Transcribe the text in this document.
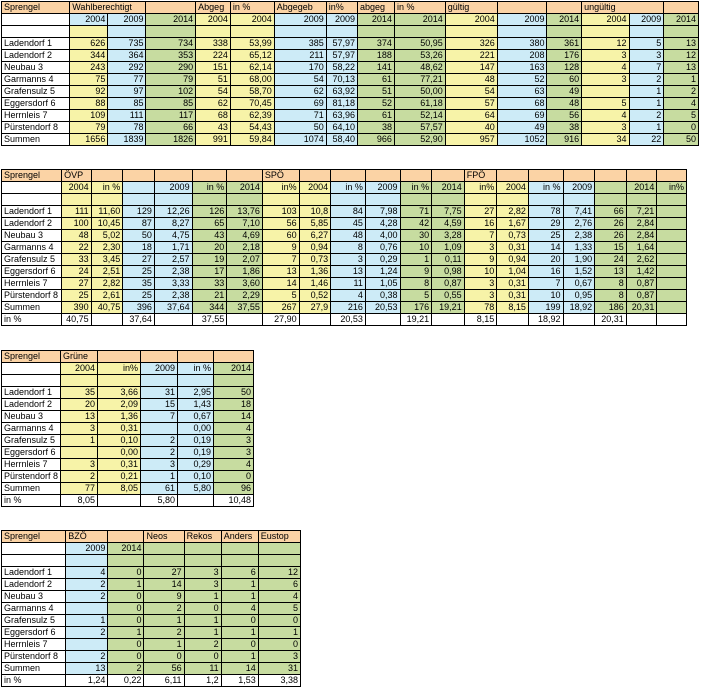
Sprengel	Wahlberechtigt			Abgeg	in %	Abgegeb	in%	abgeg	in %	gültig			ungültig		
	2004	2009	2014	2004	2004	2009	2009	2014	2014	2004	2009	2014	2004	2009	2014

Ladendorf 1	626	735	734	338	53,99	385	57,97	374	50,95	326	380	361	12	5	13
Ladendorf 2	344	364	353	224	65,12	211	57,97	188	53,26	221	208	176	3	3	12
Neubau 3	243	292	290	151	62,14	170	58,22	141	48,62	147	163	128	4	7	13
Garmanns 4	75	77	79	51	68,00	54	70,13	61	77,21	48	52	60	3	2	1
Grafensulz 5	92	97	102	54	58,70	62	63,92	51	50,00	54	63	49		1	2
Eggersdorf 6	88	85	85	62	70,45	69	81,18	52	61,18	57	68	48	5	1	4
Herrnleis 7	109	111	117	68	62,39	71	63,96	61	52,14	64	69	56	4	2	5
Pürstendorf 8	79	78	66	43	54,43	50	64,10	38	57,57	40	49	38	3	1	0
Summen	1656	1839	1826	991	59,84	1074	58,40	966	52,90	957	1052	916	34	22	50
Sprengel	ÖVP						SPÖ						FPÖ						
	2004	in %		2009	in %	2014	in%	2004	in %	2009	in %	2014	in%	2004	in %	2009		2014	in%

Ladendorf 1	111	11,60	129	12,26	126	13,76	103	10,8	84	7,98	71	7,75	27	2,82	78	7,41	66	7,21	
Ladendorf 2	100	10,45	87	8,27	65	7,10	56	5,85	45	4,28	42	4,59	16	1,67	29	2,76	26	2,84	
Neubau 3	48	5,02	50	4,75	43	4,69	60	6,27	48	4,00	30	3,28	7	0,73	25	2,38	26	2,84	
Garmanns 4	22	2,30	18	1,71	20	2,18	9	0,94	8	0,76	10	1,09	3	0,31	14	1,33	15	1,64	
Grafensulz 5	33	3,45	27	2,57	19	2,07	7	0,73	3	0,29	1	0,11	9	0,94	20	1,90	24	2,62	
Eggersdorf 6	24	2,51	25	2,38	17	1,86	13	1,36	13	1,24	9	0,98	10	1,04	16	1,52	13	1,42	
Herrnleis 7	27	2,82	35	3,33	33	3,60	14	1,46	11	1,05	8	0,87	3	0,31	7	0,67	8	0,87	
Pürstendorf 8	25	2,61	25	2,38	21	2,29	5	0,52	4	0,38	5	0,55	3	0,31	10	0,95	8	0,87	
Summen	390	40,75	396	37,64	344	37,55	267	27,9	216	20,53	176	19,21	78	8,15	199	18,92	186	20,31	
in %	40,75		37,64		37,55		27,90		20,53		19,21		8,15		18,92		20,31		
Sprengel	Grüne				
	2004	in%	2009	in %	2014

Ladendorf 1	35	3,66	31	2,95	50
Ladendorf 2	20	2,09	15	1,43	18
Neubau 3	13	1,36	7	0,67	14
Garmanns 4	3	0,31		0,00	4
Grafensulz 5	1	0,10	2	0,19	3
Eggersdorf 6		0,00	2	0,19	3
Herrnleis 7	3	0,31	3	0,29	4
Pürstendorf 8	2	0,21	1	0,10	0
Summen	77	8,05	61	5,80	96
in %	8,05		5,80		10,48
Sprengel	BZÖ		Neos	Rekos	Anders	Eustop
	2009	2014				

Ladendorf 1	4	0	27	3	6	12
Ladendorf 2	2	1	14	3	1	6
Neubau 3	2	0	9	1	1	4
Garmanns 4		0	2	0	4	5
Grafensulz 5	1	0	1	1	0	0
Eggersdorf 6	2	1	2	1	1	1
Herrnleis 7		0	1	2	0	0
Pürstendorf 8	2	0	0	0	1	3
Summen	13	2	56	11	14	31
in %	1,24	0,22	6,11	1,2	1,53	3,38
